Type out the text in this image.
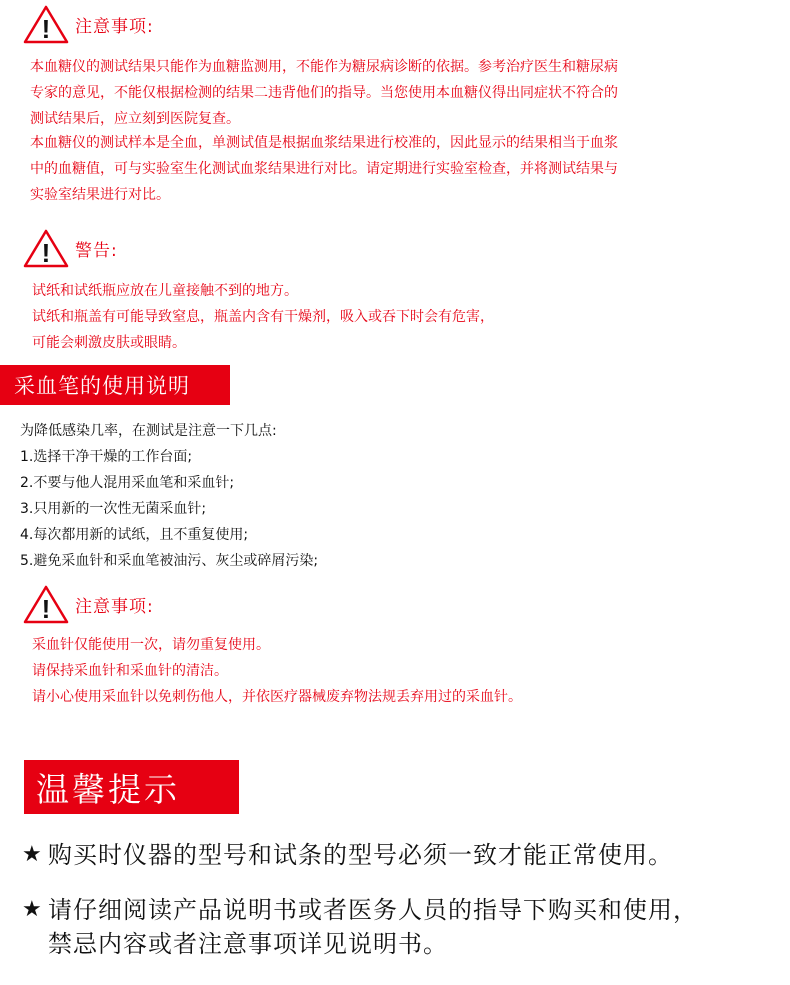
! 注意事项:

本血糖仪的测试结果只能作为血糖监测用，不能作为糖尿病诊断的依据。参考治疗医生和糖尿病

专家的意见，不能仅根据检测的结果二违背他们的指导。当您使用本血糖仪得出同症状不符合的

测试结果后，应立刻到医院复查。

本血糖仪的测试样本是全血，单测试值是根据血浆结果进行校准的，因此显示的结果相当于血浆

中的血糖值，可与实验室生化测试血浆结果进行对比。请定期进行实验室检查，并将测试结果与

实验室结果进行对比。

! 警告:

试纸和试纸瓶应放在儿童接触不到的地方。

试纸和瓶盖有可能导致窒息，瓶盖内含有干燥剂，吸入或吞下时会有危害，

可能会刺激皮肤或眼睛。

采血笔的使用说明

为降低感染几率，在测试是注意一下几点:

1.选择干净干燥的工作台面;

2.不要与他人混用采血笔和采血针;

3.只用新的一次性无菌采血针;

4.每次都用新的试纸，且不重复使用;

5.避免采血针和采血笔被油污、灰尘或碎屑污染;

! 注意事项:

采血针仅能使用一次，请勿重复使用。

请保持采血针和采血针的清洁。

请小心使用采血针以免刺伤他人，并依医疗器械废弃物法规丢弃用过的采血针。

温馨提示
★ 购买时仪器的型号和试条的型号必须一致才能正常使用。
★ 请仔细阅读产品说明书或者医务人员的指导下购买和使用，
禁忌内容或者注意事项详见说明书。
